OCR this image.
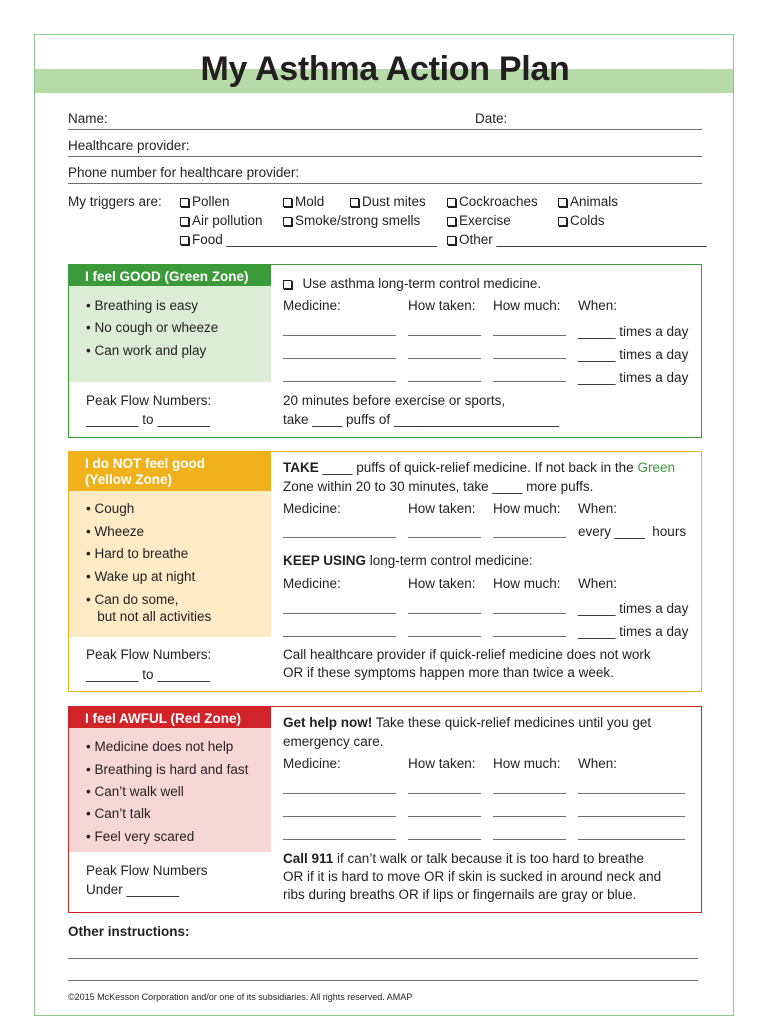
My Asthma Action Plan
Name:	Date:
Healthcare provider:
Phone number for healthcare provider:
My triggers are:	Pollen	Mold	Dust mites	Cockroaches	Animals
Air pollution	Smoke/strong smells	Exercise	Colds
Food ____________________________	Other ____________________________
I feel GOOD (Green Zone)
• Breathing is easy
• No cough or wheeze
• Can work and play
Peak Flow Numbers:
_______ to _______
Use asthma long-term control medicine.
Medicine:	How taken: How much: When:
_____ times a day
_____ times a day
_____ times a day
20 minutes before exercise or sports,
take ____ puffs of ______________________
I do NOT feel good
(Yellow Zone)
• Cough
• Wheeze
• Hard to breathe
• Wake up at night
• Can do some,
but not all activities
Peak Flow Numbers:
_______ to _______
TAKE ____ puffs of quick-relief medicine. If not back in the Green
Zone within 20 to 30 minutes, take ____ more puffs.
Medicine:	How taken: How much: When:
every ____  hours
KEEP USING long-term control medicine:
Medicine:	How taken: How much: When:
_____ times a day
_____ times a day
Call healthcare provider if quick-relief medicine does not work
OR if these symptoms happen more than twice a week.
I feel AWFUL (Red Zone)
• Medicine does not help
• Breathing is hard and fast
• Can’t walk well
• Can’t talk
• Feel very scared
Peak Flow Numbers
Under _______
Get help now! Take these quick-relief medicines until you get
emergency care.
Medicine:	How taken: How much: When:
Call 911 if can’t walk or talk because it is too hard to breathe
OR if it is hard to move OR if skin is sucked in around neck and
ribs during breaths OR if lips or fingernails are gray or blue.
Other instructions:
©2015 McKesson Corporation and/or one of its subsidiaries. All rights reserved. AMAP
